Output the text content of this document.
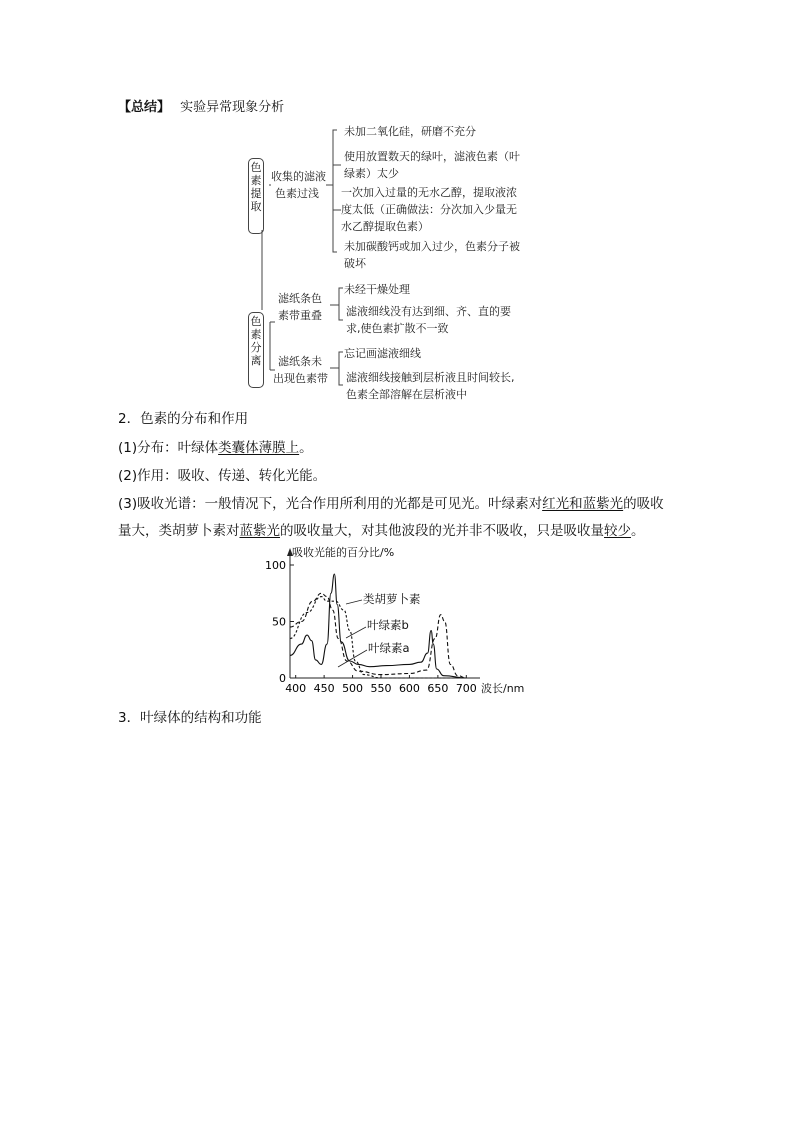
【总结】 实验异常现象分析
色
素
提
取
收集的滤液
色素过浅
未加二氧化硅，研磨不充分
使用放置数天的绿叶，滤液色素（叶
绿素）太少
一次加入过量的无水乙醇，提取液浓
度太低（正确做法：分次加入少量无
水乙醇提取色素）
未加碳酸钙或加入过少，色素分子被
破坏
色
素
分
离
滤纸条色
素带重叠
滤纸条未
出现色素带
未经干燥处理
滤液细线没有达到细、齐、直的要
求,使色素扩散不一致
忘记画滤液细线
滤液细线接触到层析液且时间较长,
色素全部溶解在层析液中
2．色素的分布和作用
(1)分布：叶绿体类囊体薄膜上。
(2)作用：吸收、传递、转化光能。
(3)吸收光谱：一般情况下，光合作用所利用的光都是可见光。叶绿素对红光和蓝紫光的吸收
量大，类胡萝卜素对蓝紫光的吸收量大，对其他波段的光并非不吸收，只是吸收量较少。
吸收光能的百分比/%
波长/nm
100
50
0
400 450 500 550 600 650 700
类胡萝卜素
叶绿素b
叶绿素a
3．叶绿体的结构和功能
